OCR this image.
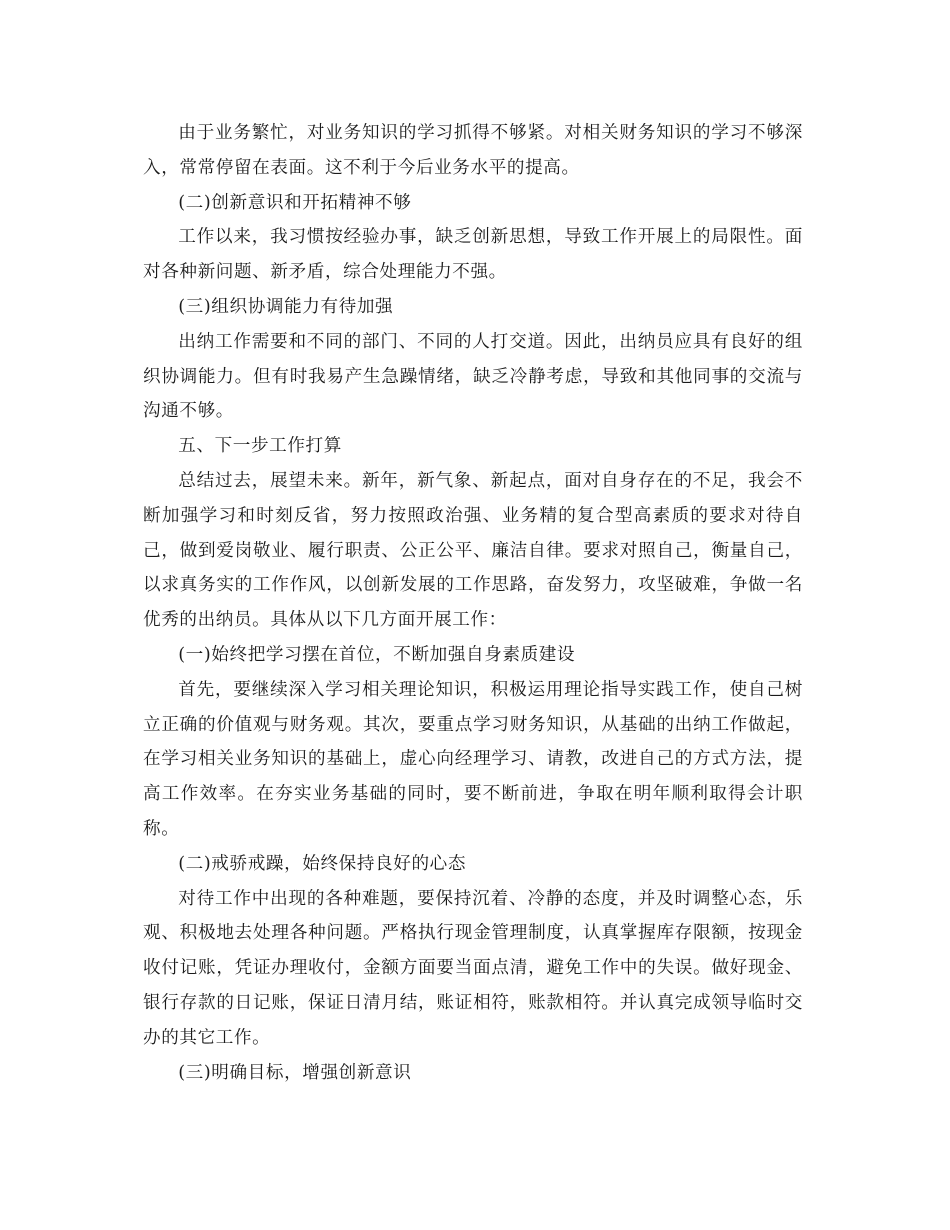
由于业务繁忙，对业务知识的学习抓得不够紧。对相关财务知识的学习不够深入，常常停留在表面。这不利于今后业务水平的提高。

(二)创新意识和开拓精神不够

工作以来，我习惯按经验办事，缺乏创新思想，导致工作开展上的局限性。面对各种新问题、新矛盾，综合处理能力不强。

(三)组织协调能力有待加强

出纳工作需要和不同的部门、不同的人打交道。因此，出纳员应具有良好的组织协调能力。但有时我易产生急躁情绪，缺乏冷静考虑，导致和其他同事的交流与沟通不够。

五、下一步工作打算

总结过去，展望未来。新年，新气象、新起点，面对自身存在的不足，我会不断加强学习和时刻反省，努力按照政治强、业务精的复合型高素质的要求对待自己，做到爱岗敬业、履行职责、公正公平、廉洁自律。要求对照自己，衡量自己，以求真务实的工作作风，以创新发展的工作思路，奋发努力，攻坚破难，争做一名优秀的出纳员。具体从以下几方面开展工作：

(一)始终把学习摆在首位，不断加强自身素质建设

首先，要继续深入学习相关理论知识，积极运用理论指导实践工作，使自己树立正确的价值观与财务观。其次，要重点学习财务知识，从基础的出纳工作做起，在学习相关业务知识的基础上，虚心向经理学习、请教，改进自己的方式方法，提高工作效率。在夯实业务基础的同时，要不断前进，争取在明年顺利取得会计职称。

(二)戒骄戒躁，始终保持良好的心态

对待工作中出现的各种难题，要保持沉着、冷静的态度，并及时调整心态，乐观、积极地去处理各种问题。严格执行现金管理制度，认真掌握库存限额，按现金收付记账，凭证办理收付，金额方面要当面点清，避免工作中的失误。做好现金、银行存款的日记账，保证日清月结，账证相符，账款相符。并认真完成领导临时交办的其它工作。

(三)明确目标，增强创新意识
